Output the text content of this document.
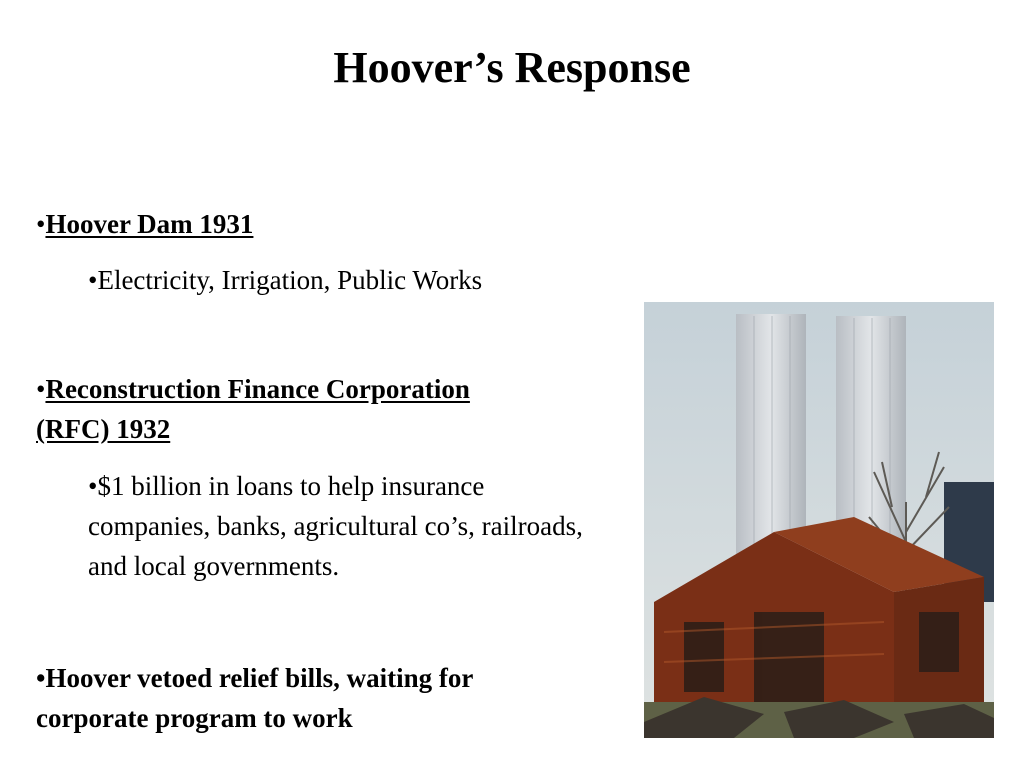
Hoover’s Response
•Hoover Dam 1931
•Electricity, Irrigation, Public Works
•Reconstruction Finance Corporation
(RFC) 1932
•$1 billion in loans to help insurance companies, banks, agricultural co’s, railroads, and local governments.
•Hoover vetoed relief bills, waiting for
corporate program to work
